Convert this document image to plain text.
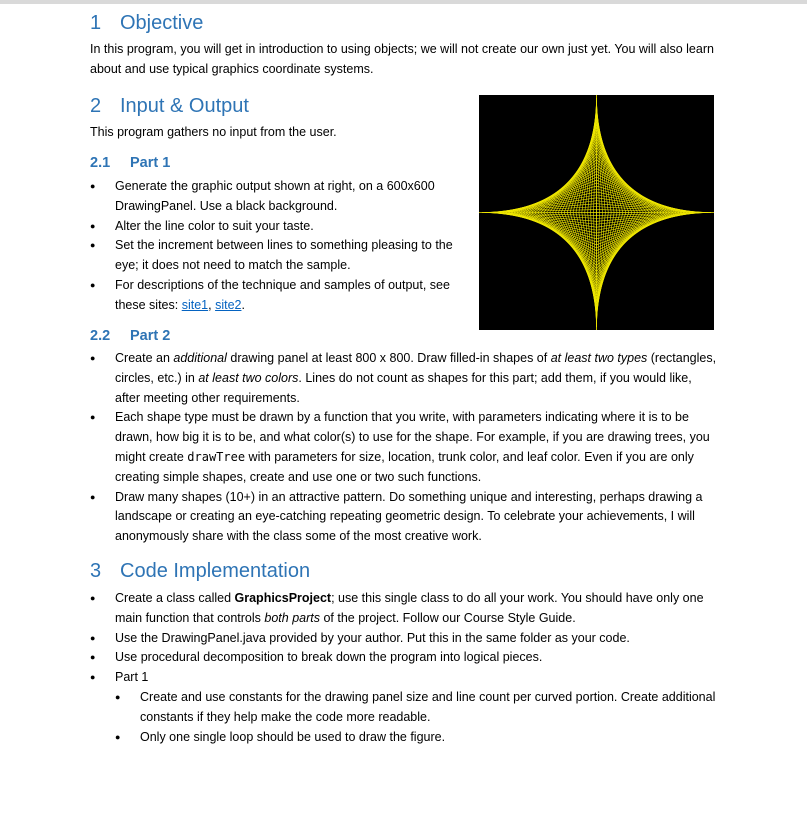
1 Objective

In this program, you will get in introduction to using objects; we will not create our own just yet. You will also learn about and use typical graphics coordinate systems.

2 Input & Output

This program gathers no input from the user.

2.1 Part 1
● Generate the graphic output shown at right, on a 600x600 DrawingPanel. Use a black background.
● Alter the line color to suit your taste.
● Set the increment between lines to something pleasing to the eye; it does not need to match the sample.
● For descriptions of the technique and samples of output, see these sites: site1, site2.
2.2 Part 2
● Create an additional drawing panel at least 800 x 800. Draw filled-in shapes of at least two types (rectangles, circles, etc.) in at least two colors. Lines do not count as shapes for this part; add them, if you would like, after meeting other requirements.
● Each shape type must be drawn by a function that you write, with parameters indicating where it is to be drawn, how big it is to be, and what color(s) to use for the shape. For example, if you are drawing trees, you might create drawTree with parameters for size, location, trunk color, and leaf color. Even if you are only creating simple shapes, create and use one or two such functions.
● Draw many shapes (10+) in an attractive pattern. Do something unique and interesting, perhaps drawing a landscape or creating an eye-catching repeating geometric design. To celebrate your achievements, I will anonymously share with the class some of the most creative work.
3 Code Implementation
● Create a class called GraphicsProject; use this single class to do all your work. You should have only one main function that controls both parts of the project. Follow our Course Style Guide.
● Use the DrawingPanel.java provided by your author. Put this in the same folder as your code.
● Use procedural decomposition to break down the program into logical pieces.
● Part 1
● Create and use constants for the drawing panel size and line count per curved portion. Create additional constants if they help make the code more readable.
● Only one single loop should be used to draw the figure.
